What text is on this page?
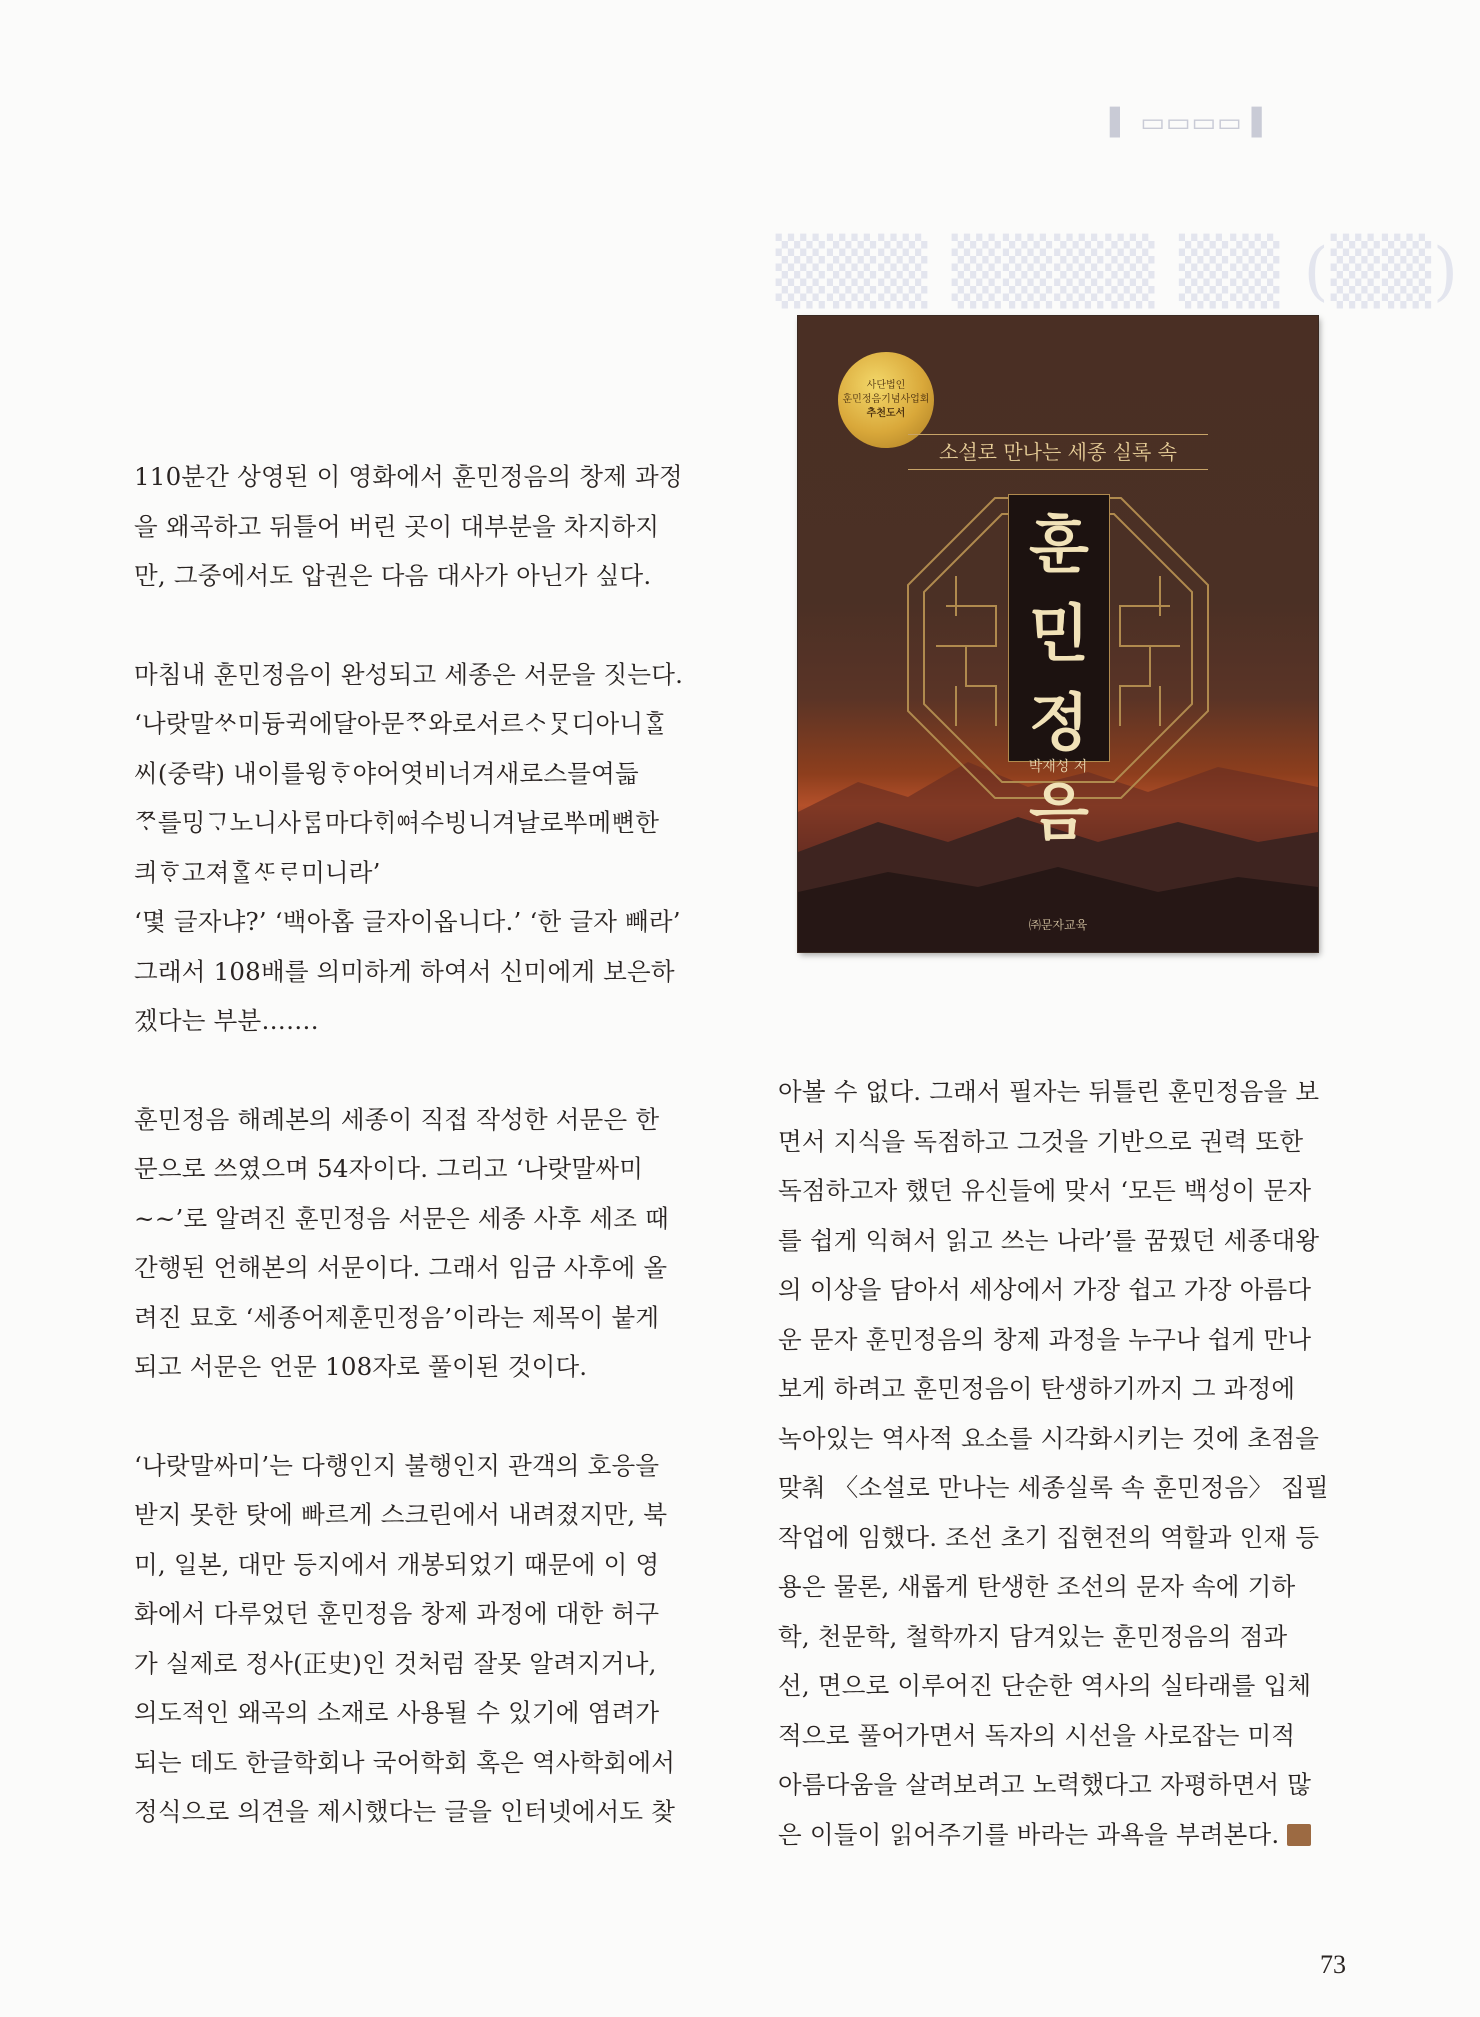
▌ ▭▭▭▭ ▌
▒▒▒ ▒▒▒▒ ▒▒ (▒▒)

110분간 상영된 이 영화에서 훈민정음의 창제 과정
을 왜곡하고 뒤틀어 버린 곳이 대부분을 차지하지
만, 그중에서도 압권은 다음 대사가 아닌가 싶다.

마침내 훈민정음이 완성되고 세종은 서문을 짓는다.
‘나랏말ᄊᆞ미듕귁에달아문ᄍᆞ와로서르ᄉᆞᄆᆞᆺ디아니ᄒᆞᆯ
씨(중략) 내이를윙ᄒᆞ야어엿비너겨새로스믈여듧
ᄍᆞ를밍ᄀᆞ노니사ᄅᆞᆷ마다ᄒᆡᅇᅧ수빙니겨날로ᄡᅮ메뼌한
킈ᄒᆞ고져ᄒᆞᆯᄯᆞᄅᆞ미니라’
‘몇 글자냐?’ ‘백아홉 글자이옵니다.’ ‘한 글자 빼라’
그래서 108배를 의미하게 하여서 신미에게 보은하
겠다는 부분…….

훈민정음 해례본의 세종이 직접 작성한 서문은 한
문으로 쓰였으며 54자이다. 그리고 ‘나랏말싸미
~~’로 알려진 훈민정음 서문은 세종 사후 세조 때
간행된 언해본의 서문이다. 그래서 임금 사후에 올
려진 묘호 ‘세종어제훈민정음’이라는 제목이 붙게
되고 서문은 언문 108자로 풀이된 것이다.

‘나랏말싸미’는 다행인지 불행인지 관객의 호응을
받지 못한 탓에 빠르게 스크린에서 내려졌지만, 북
미, 일본, 대만 등지에서 개봉되었기 때문에 이 영
화에서 다루었던 훈민정음 창제 과정에 대한 허구
가 실제로 정사(正史)인 것처럼 잘못 알려지거나,
의도적인 왜곡의 소재로 사용될 수 있기에 염려가
되는 데도 한글학회나 국어학회 혹은 역사학회에서
정식으로 의견을 제시했다는 글을 인터넷에서도 찾

사단법인
훈민정음기념사업회
추천도서
소설로 만나는 세종 실록 속
훈
민
정
음
박재성 저
㈜문자교육

아볼 수 없다. 그래서 필자는 뒤틀린 훈민정음을 보
면서 지식을 독점하고 그것을 기반으로 권력 또한
독점하고자 했던 유신들에 맞서 ‘모든 백성이 문자
를 쉽게 익혀서 읽고 쓰는 나라’를 꿈꿨던 세종대왕
의 이상을 담아서 세상에서 가장 쉽고 가장 아름다
운 문자 훈민정음의 창제 과정을 누구나 쉽게 만나
보게 하려고 훈민정음이 탄생하기까지 그 과정에
녹아있는 역사적 요소를 시각화시키는 것에 초점을
맞춰 〈소설로 만나는 세종실록 속 훈민정음〉 집필
작업에 임했다. 조선 초기 집현전의 역할과 인재 등
용은 물론, 새롭게 탄생한 조선의 문자 속에 기하
학, 천문학, 철학까지 담겨있는 훈민정음의 점과
선, 면으로 이루어진 단순한 역사의 실타래를 입체
적으로 풀어가면서 독자의 시선을 사로잡는 미적
아름다움을 살려보려고 노력했다고 자평하면서 많
은 이들이 읽어주기를 바라는 과욕을 부려본다.

73
